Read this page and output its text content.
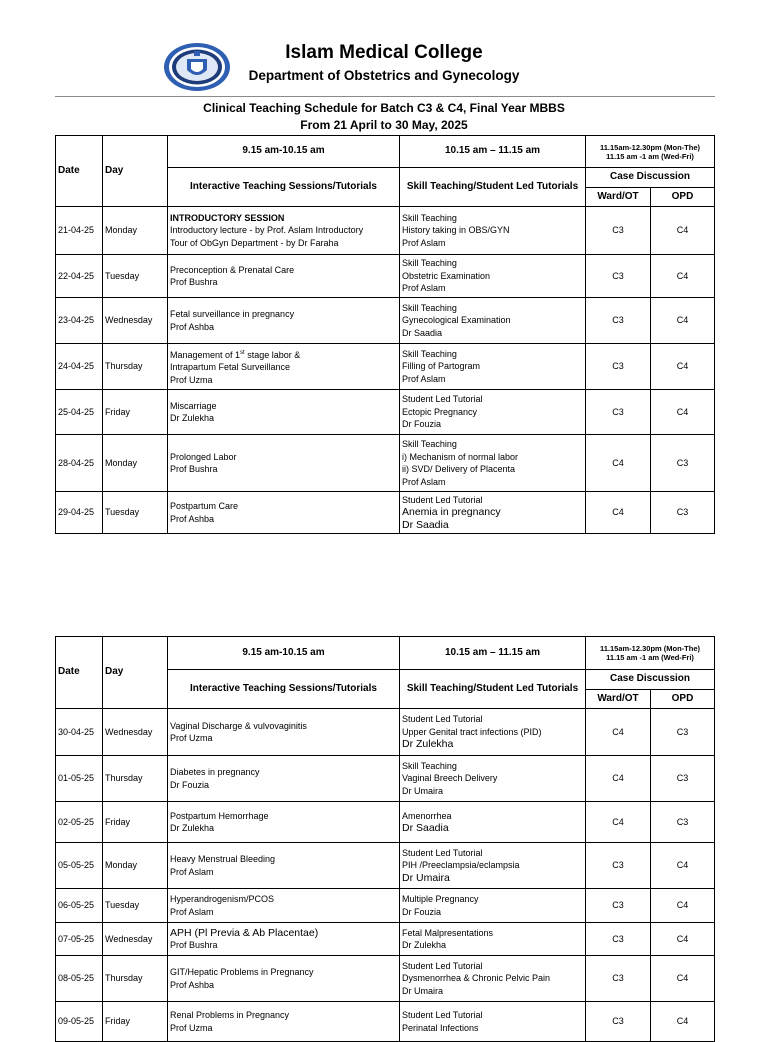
Islam Medical College
Department of Obstetrics and Gynecology
Clinical Teaching Schedule for Batch C3 & C4, Final Year MBBS
From 21 April to 30 May, 2025
Date	Day	9.15 am-10.15 am	10.15 am – 11.15 am	11.15am-12.30pm (Mon-The)
11.15 am -1 am (Wed-Fri)	

		Interactive Teaching Sessions/Tutorials	Skill Teaching/Student Led Tutorials	Case Discussion	
				Ward/OT	OPD
21-04-25	Monday	INTRODUCTORY SESSION
Introductory lecture - by Prof. Aslam Introductory
Tour of ObGyn Department - by Dr Faraha	Skill Teaching
History taking in OBS/GYN
Prof Aslam	C3	C4
22-04-25	Tuesday	Preconception & Prenatal Care
Prof Bushra	Skill Teaching
Obstetric Examination
Prof Aslam	C3	C4
23-04-25	Wednesday	Fetal surveillance in pregnancy
Prof Ashba	Skill Teaching
Gynecological Examination
Dr Saadia	C3	C4
24-04-25	Thursday	Management of 1st stage labor &
Intrapartum Fetal Surveillance
Prof Uzma	Skill Teaching
Filling of Partogram
Prof Aslam	C3	C4
25-04-25	Friday	Miscarriage
Dr Zulekha	Student Led Tutorial
Ectopic Pregnancy
Dr Fouzia	C3	C4
28-04-25	Monday	Prolonged Labor
Prof Bushra	Skill Teaching
i) Mechanism of normal labor
ii) SVD/ Delivery of Placenta
Prof Aslam	C4	C3
29-04-25	Tuesday	Postpartum Care
Prof Ashba	Student Led Tutorial
Anemia in pregnancy
Dr Saadia	C4	C3
Date	Day	9.15 am-10.15 am	10.15 am – 11.15 am	11.15am-12.30pm (Mon-The)
11.15 am -1 am (Wed-Fri)	

		Interactive Teaching Sessions/Tutorials	Skill Teaching/Student Led Tutorials	Case Discussion	
				Ward/OT	OPD
30-04-25	Wednesday	Vaginal Discharge & vulvovaginitis
Prof Uzma	Student Led Tutorial
Upper Genital tract infections (PID)
Dr Zulekha	C4	C3
01-05-25	Thursday	Diabetes in pregnancy
Dr Fouzia	Skill Teaching
Vaginal Breech Delivery
Dr Umaira	C4	C3
02-05-25	Friday	Postpartum Hemorrhage
Dr Zulekha	Amenorrhea
Dr Saadia	C4	C3
05-05-25	Monday	Heavy Menstrual Bleeding
Prof Aslam	Student Led Tutorial
PIH /Preeclampsia/eclampsia
Dr Umaira	C3	C4
06-05-25	Tuesday	Hyperandrogenism/PCOS
Prof Aslam	Multiple Pregnancy
Dr Fouzia	C3	C4
07-05-25	Wednesday	APH (Pl Previa & Ab Placentae)
Prof Bushra	Fetal Malpresentations
Dr Zulekha	C3	C4
08-05-25	Thursday	GIT/Hepatic Problems in Pregnancy
Prof Ashba	Student Led Tutorial
Dysmenorrhea & Chronic Pelvic Pain
Dr Umaira	C3	C4
09-05-25	Friday	Renal Problems in Pregnancy
Prof Uzma	Student Led Tutorial
Perinatal Infections	C3	C4
